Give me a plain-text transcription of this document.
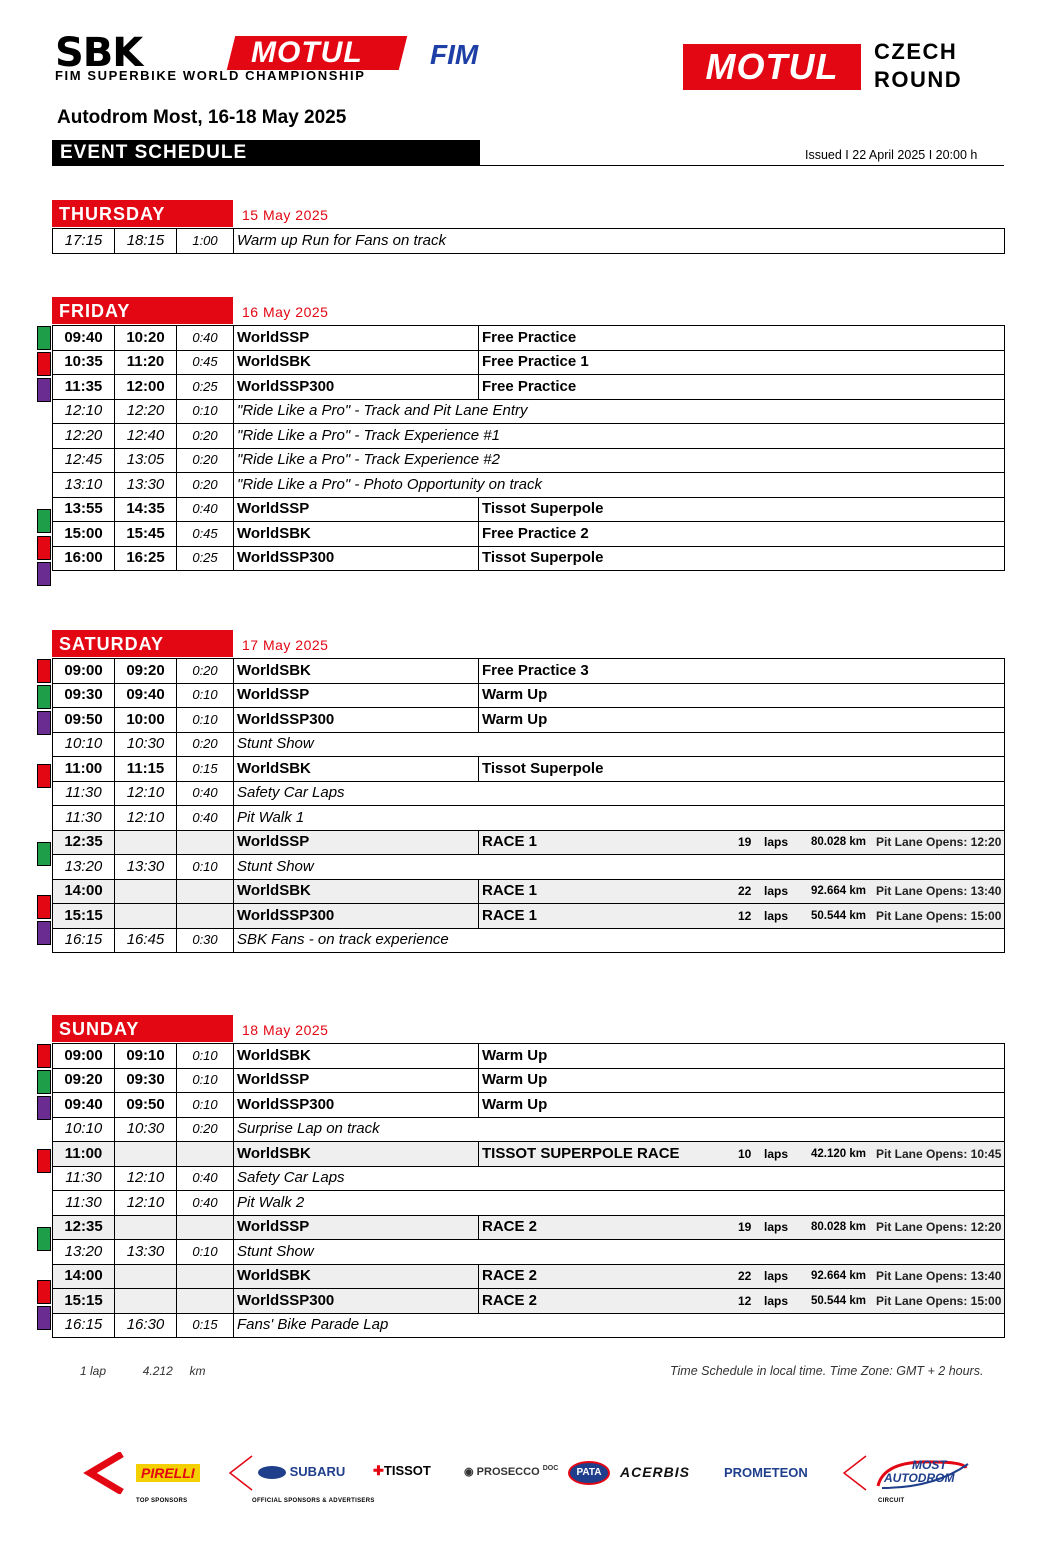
SBK	MOTUL
FIM SUPERBIKE WORLD CHAMPIONSHIP
FIM	MOTUL	CZECH
ROUND
Autodrom Most, 16-18 May 2025
EVENT SCHEDULE	Issued I 22 April 2025 I 20:00 h
THURSDAY	15 May 2025
17:15	18:15	1:00	Warm up Run for Fans on track
FRIDAY	16 May 2025
09:40	10:20	0:40	WorldSSP	Free Practice
10:35	11:20	0:45	WorldSBK	Free Practice 1
11:35	12:00	0:25	WorldSSP300	Free Practice
12:10	12:20	0:10	"Ride Like a Pro" - Track and Pit Lane Entry	
12:20	12:40	0:20	"Ride Like a Pro" - Track Experience #1	
12:45	13:05	0:20	"Ride Like a Pro" - Track Experience #2	
13:10	13:30	0:20	"Ride Like a Pro" - Photo Opportunity on track	
13:55	14:35	0:40	WorldSSP	Tissot Superpole
15:00	15:45	0:45	WorldSBK	Free Practice 2
16:00	16:25	0:25	WorldSSP300	Tissot Superpole
SATURDAY	17 May 2025
09:00	09:20	0:20	WorldSBK	Free Practice 3
09:30	09:40	0:10	WorldSSP	Warm Up
09:50	10:00	0:10	WorldSSP300	Warm Up
10:10	10:30	0:20	Stunt Show	
11:00	11:15	0:15	WorldSBK	Tissot Superpole
11:30	12:10	0:40	Safety Car Laps	
11:30	12:10	0:40	Pit Walk 1	
12:35			WorldSSP	RACE 1 19 laps 80.028 km Pit Lane Opens: 12:20

13:20	13:30	0:10	Stunt Show	
14:00			WorldSBK	RACE 1 22 laps 92.664 km Pit Lane Opens: 13:40

15:15			WorldSSP300	RACE 1 12 laps 50.544 km Pit Lane Opens: 15:00

16:15	16:45	0:30	SBK Fans - on track experience	
SUNDAY	18 May 2025
09:00	09:10	0:10	WorldSBK	Warm Up
09:20	09:30	0:10	WorldSSP	Warm Up
09:40	09:50	0:10	WorldSSP300	Warm Up
10:10	10:30	0:20	Surprise Lap on track	
11:00			WorldSBK	TISSOT SUPERPOLE RACE 10 laps 42.120 km Pit Lane Opens: 10:45

11:30	12:10	0:40	Safety Car Laps	
11:30	12:10	0:40	Pit Walk 2	
12:35			WorldSSP	RACE 2 19 laps 80.028 km Pit Lane Opens: 12:20

13:20	13:30	0:10	Stunt Show	
14:00			WorldSBK	RACE 2 22 laps 92.664 km Pit Lane Opens: 13:40

15:15			WorldSSP300	RACE 2 12 laps 50.544 km Pit Lane Opens: 15:00

16:15	16:30	0:15	Fans' Bike Parade Lap	
1 lap	4.212 km	Time Schedule in local time. Time Zone: GMT + 2 hours.
PIRELLI
TOP SPONSORS
SUBARU
OFFICIAL SPONSORS & ADVERTISERS
✚TISSOT	◉ PROSECCO $^{DOC}$	PATA	ACERBIS	PROMETEON	MOST
AUTODROM
CIRCUIT
